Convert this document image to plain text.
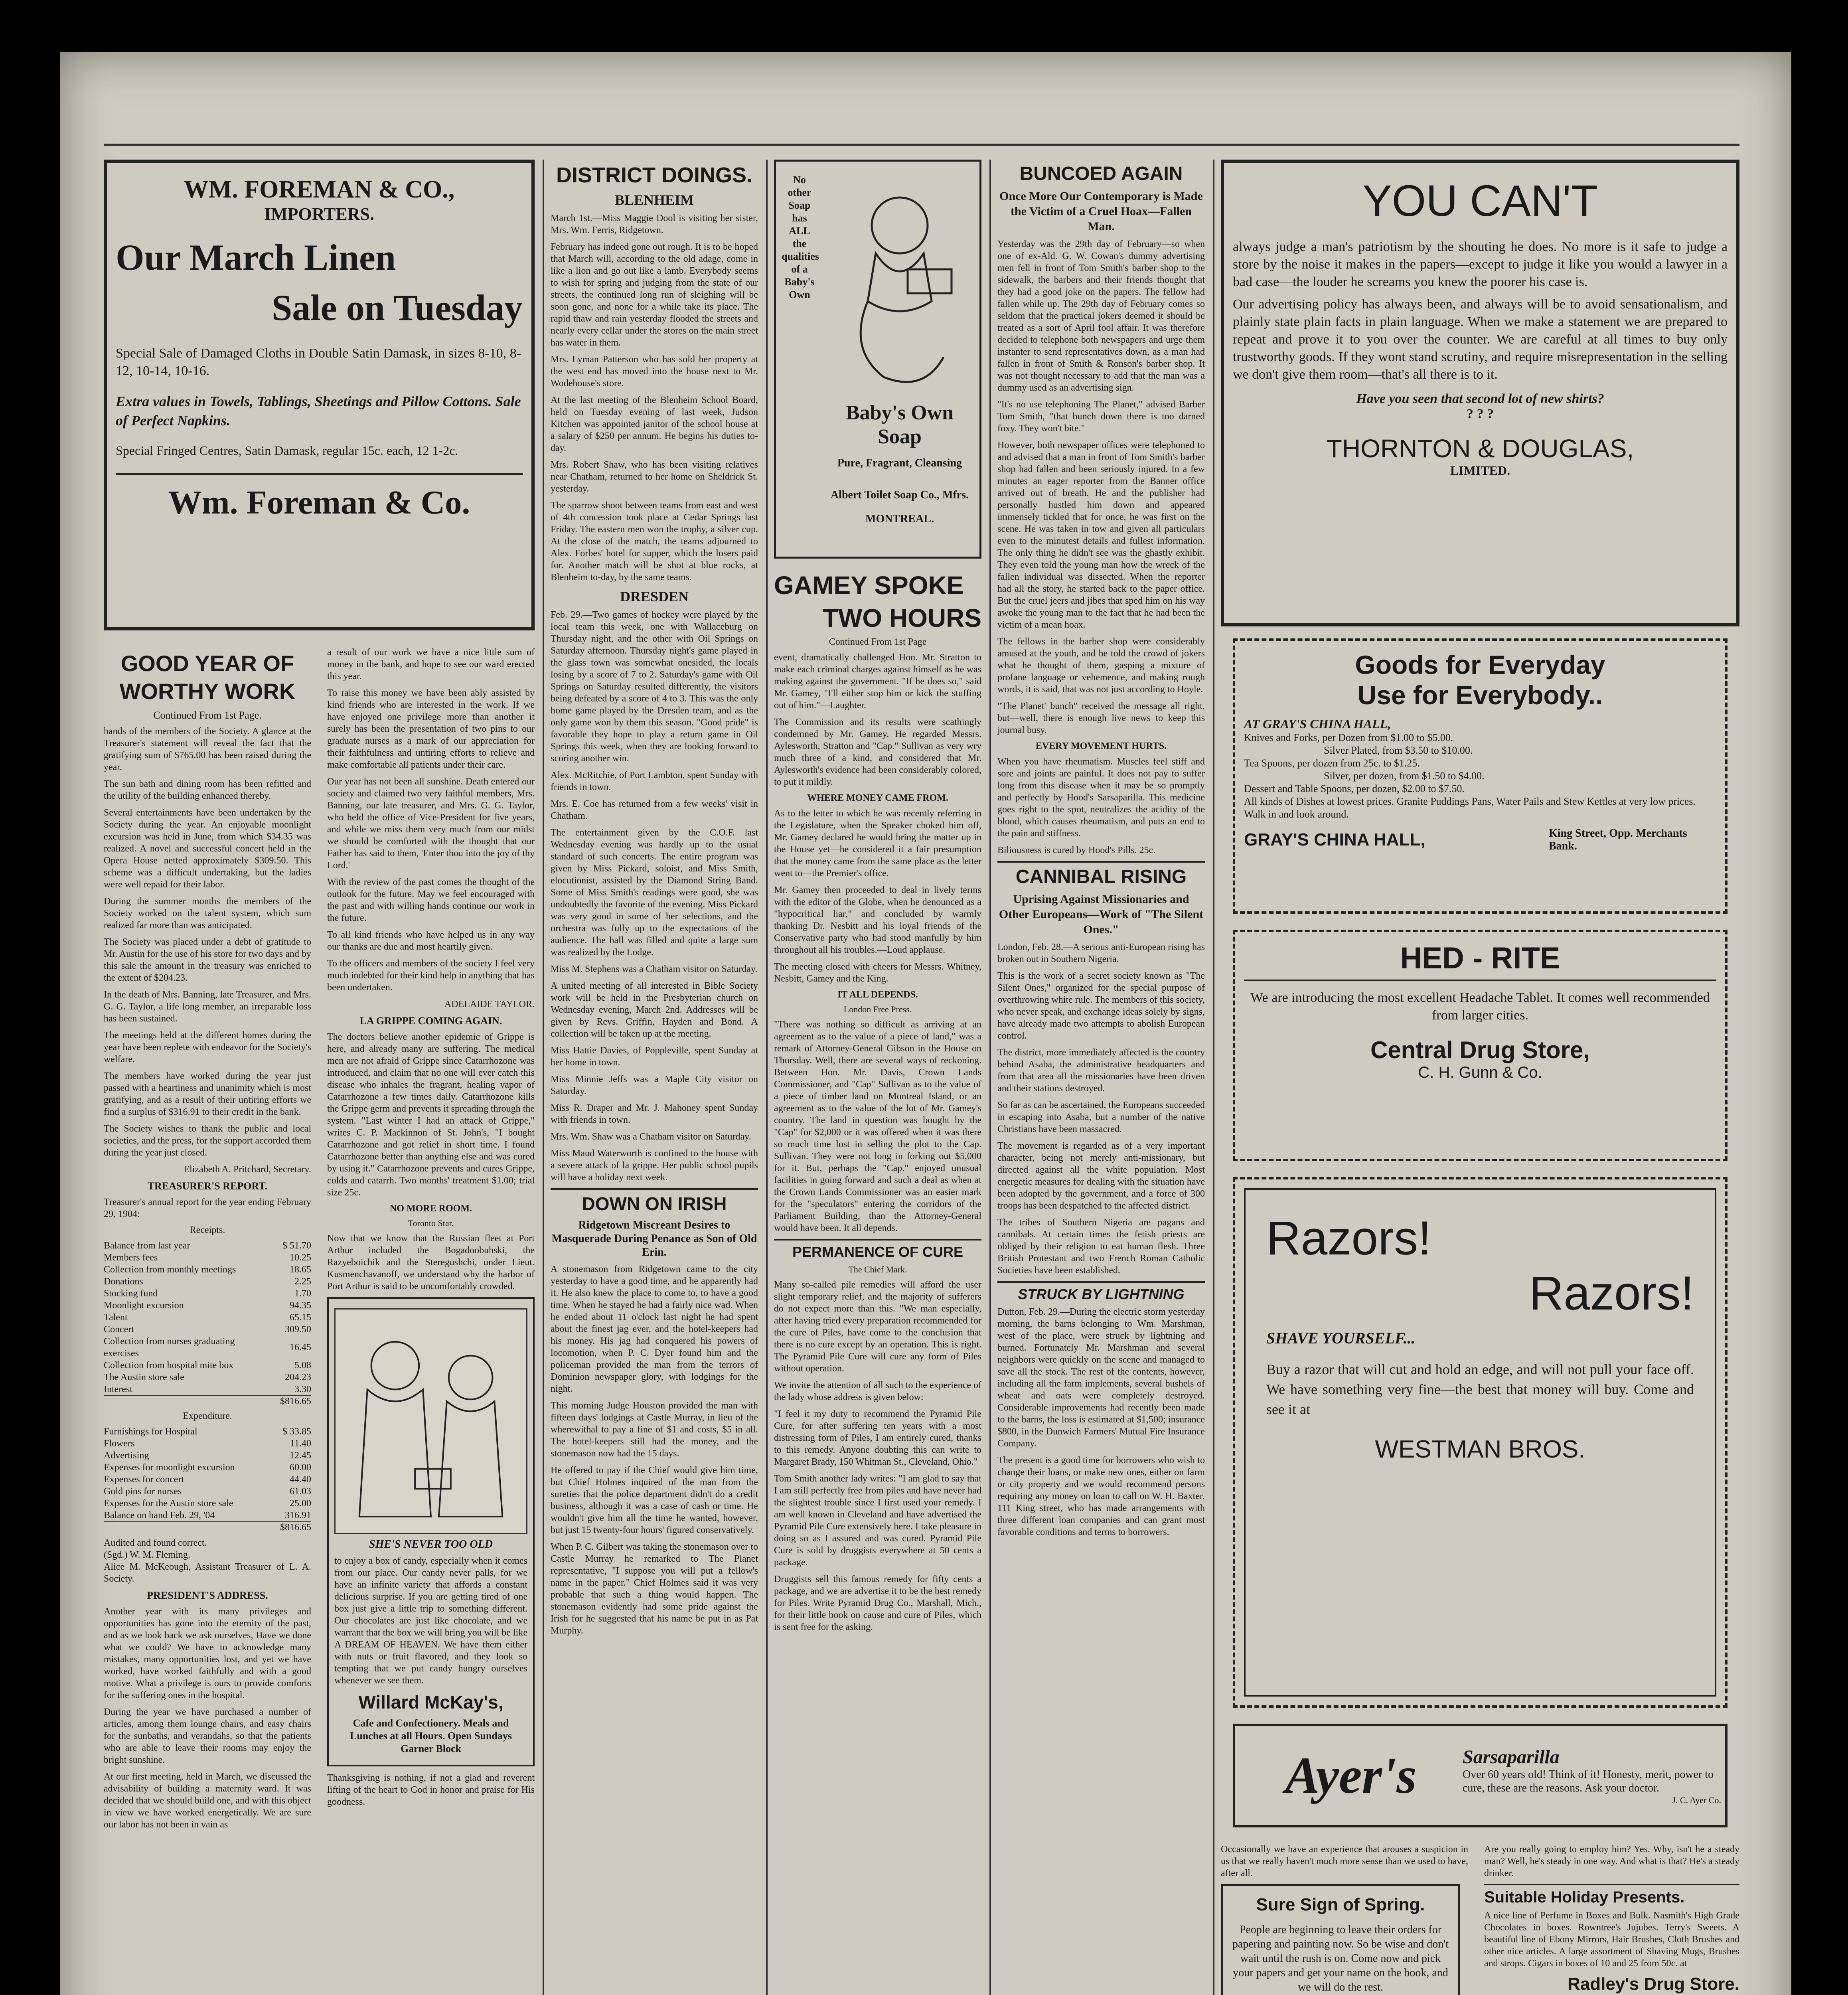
WM. FOREMAN & CO.,
IMPORTERS.
Our March Linen
Sale on Tuesday
Special Sale of Damaged Cloths in Double Satin Damask, in sizes 8-10, 8-12, 10-14, 10-16.
Extra values in Towels, Tablings, Sheetings and Pillow Cottons. Sale of Perfect Napkins.
Special Fringed Centres, Satin Damask, regular 15c. each, 12 1-2c.
Wm. Foreman & Co.
GOOD YEAR OF WORTHY WORK
Continued From 1st Page.

hands of the members of the Society. A glance at the Treasurer's statement will reveal the fact that the gratifying sum of $765.00 has been raised during the year.

The sun bath and dining room has been refitted and the utility of the building enhanced thereby.

Several entertainments have been undertaken by the Society during the year. An enjoyable moonlight excursion was held in June, from which $34.35 was realized. A novel and successful concert held in the Opera House netted approximately $309.50. This scheme was a difficult undertaking, but the ladies were well repaid for their labor.

During the summer months the members of the Society worked on the talent system, which sum realized far more than was anticipated.

The Society was placed under a debt of gratitude to Mr. Austin for the use of his store for two days and by this sale the amount in the treasury was enriched to the extent of $204.23.

In the death of Mrs. Banning, late Treasurer, and Mrs. G. G. Taylor, a life long member, an irreparable loss has been sustained.

The meetings held at the different homes during the year have been replete with endeavor for the Society's welfare.

The members have worked during the year just passed with a heartiness and unanimity which is most gratifying, and as a result of their untiring efforts we find a surplus of $316.91 to their credit in the bank.

The Society wishes to thank the public and local societies, and the press, for the support accorded them during the year just closed.

Elizabeth A. Pritchard, Secretary.

TREASURER'S REPORT.

Treasurer's annual report for the year ending February 29, 1904:

Receipts.
Balance from last year	$ 51.70
Members fees	10.25
Collection from monthly meetings	18.65
Donations	2.25
Stocking fund	1.70
Moonlight excursion	94.35
Talent	65.15
Concert	309.50
Collection from nurses graduating exercises	16.45
Collection from hospital mite box	5.08
The Austin store sale	204.23
Interest	3.30
$816.65
Expenditure.
Furnishings for Hospital	$ 33.85
Flowers	11.40
Advertising	12.45
Expenses for moonlight excursion	60.00
Expenses for concert	44.40
Gold pins for nurses	61.03
Expenses for the Austin store sale	25.00
Balance on hand Feb. 29, '04	316.91
$816.65

Audited and found correct.

(Sgd.) W. M. Fleming.

Alice M. McKeough, Assistant Treasurer of L. A. Society.

PRESIDENT'S ADDRESS.

Another year with its many privileges and opportunities has gone into the eternity of the past, and as we look back we ask ourselves, Have we done what we could? We have to acknowledge many mistakes, many opportunities lost, and yet we have worked, have worked faithfully and with a good motive. What a privilege is ours to provide comforts for the suffering ones in the hospital.

During the year we have purchased a number of articles, among them lounge chairs, and easy chairs for the sunbaths, and verandahs, so that the patients who are able to leave their rooms may enjoy the bright sunshine.

At our first meeting, held in March, we discussed the advisability of building a maternity ward. It was decided that we should build one, and with this object in view we have worked energetically. We are sure our labor has not been in vain as

a result of our work we have a nice little sum of money in the bank, and hope to see our ward erected this year.

To raise this money we have been ably assisted by kind friends who are interested in the work. If we have enjoyed one privilege more than another it surely has been the presentation of two pins to our graduate nurses as a mark of our appreciation for their faithfulness and untiring efforts to relieve and make comfortable all patients under their care.

Our year has not been all sunshine. Death entered our society and claimed two very faithful members, Mrs. Banning, our late treasurer, and Mrs. G. G. Taylor, who held the office of Vice-President for five years, and while we miss them very much from our midst we should be comforted with the thought that our Father has said to them, 'Enter thou into the joy of thy Lord.'

With the review of the past comes the thought of the outlook for the future. May we feel encouraged with the past and with willing hands continue our work in the future.

To all kind friends who have helped us in any way our thanks are due and most heartily given.

To the officers and members of the society I feel very much indebted for their kind help in anything that has been undertaken.

ADELAIDE TAYLOR.

LA GRIPPE COMING AGAIN.

The doctors believe another epidemic of Grippe is here, and already many are suffering. The medical men are not afraid of Grippe since Catarrhozone was introduced, and claim that no one will ever catch this disease who inhales the fragrant, healing vapor of Catarrhozone a few times daily. Catarrhozone kills the Grippe germ and prevents it spreading through the system. "Last winter I had an attack of Grippe," writes C. P. Mackinnon of St. John's, "I bought Catarrhozone and got relief in short time. I found Catarrhozone better than anything else and was cured by using it." Catarrhozone prevents and cures Grippe, colds and catarrh. Two months' treatment $1.00; trial size 25c.

NO MORE ROOM.
Toronto Star.

Now that we know that the Russian fleet at Port Arthur included the Bogadoobuhski, the Razyeboichik and the Steregushchi, under Lieut. Kusmenchavanoff, we understand why the harbor of Port Arthur is said to be uncomfortably crowded.

SHE'S NEVER TOO OLD

to enjoy a box of candy, especially when it comes from our place. Our candy never palls, for we have an infinite variety that affords a constant delicious surprise. If you are getting tired of one box just give a little trip to something different. Our chocolates are just like chocolate, and we warrant that the box we will bring you will be like A DREAM OF HEAVEN. We have them either with nuts or fruit flavored, and they look so tempting that we put candy hungry ourselves whenever we see them.

Willard McKay's,
Cafe and Confectionery. Meals and Lunches at all Hours. Open Sundays Garner Block

Thanksgiving is nothing, if not a glad and reverent lifting of the heart to God in honor and praise for His goodness.

DISTRICT DOINGS.
BLENHEIM

March 1st.—Miss Maggie Dool is visiting her sister, Mrs. Wm. Ferris, Ridgetown.

February has indeed gone out rough. It is to be hoped that March will, according to the old adage, come in like a lion and go out like a lamb. Everybody seems to wish for spring and judging from the state of our streets, the continued long run of sleighing will be soon gone, and none for a while take its place. The rapid thaw and rain yesterday flooded the streets and nearly every cellar under the stores on the main street has water in them.

Mrs. Lyman Patterson who has sold her property at the west end has moved into the house next to Mr. Wodehouse's store.

At the last meeting of the Blenheim School Board, held on Tuesday evening of last week, Judson Kitchen was appointed janitor of the school house at a salary of $250 per annum. He begins his duties to-day.

Mrs. Robert Shaw, who has been visiting relatives near Chatham, returned to her home on Sheldrick St. yesterday.

The sparrow shoot between teams from east and west of 4th concession took place at Cedar Springs last Friday. The eastern men won the trophy, a silver cup. At the close of the match, the teams adjourned to Alex. Forbes' hotel for supper, which the losers paid for. Another match will be shot at blue rocks, at Blenheim to-day, by the same teams.

DRESDEN

Feb. 29.—Two games of hockey were played by the local team this week, one with Wallaceburg on Thursday night, and the other with Oil Springs on Saturday afternoon. Thursday night's game played in the glass town was somewhat onesided, the locals losing by a score of 7 to 2. Saturday's game with Oil Springs on Saturday resulted differently, the visitors being defeated by a score of 4 to 3. This was the only home game played by the Dresden team, and as the only game won by them this season. "Good pride" is favorable they hope to play a return game in Oil Springs this week, when they are looking forward to scoring another win.

Alex. McRitchie, of Port Lambton, spent Sunday with friends in town.

Mrs. E. Coe has returned from a few weeks' visit in Chatham.

The entertainment given by the C.O.F. last Wednesday evening was hardly up to the usual standard of such concerts. The entire program was given by Miss Pickard, soloist, and Miss Smith, elocutionist, assisted by the Diamond String Band. Some of Miss Smith's readings were good, she was undoubtedly the favorite of the evening. Miss Pickard was very good in some of her selections, and the orchestra was fully up to the expectations of the audience. The hall was filled and quite a large sum was realized by the Lodge.

Miss M. Stephens was a Chatham visitor on Saturday.

A united meeting of all interested in Bible Society work will be held in the Presbyterian church on Wednesday evening, March 2nd. Addresses will be given by Revs. Griffin, Hayden and Bond. A collection will be taken up at the meeting.

Miss Hattie Davies, of Poppleville, spent Sunday at her home in town.

Miss Minnie Jeffs was a Maple City visitor on Saturday.

Miss R. Draper and Mr. J. Mahoney spent Sunday with friends in town.

Mrs. Wm. Shaw was a Chatham visitor on Saturday.

Miss Maud Waterworth is confined to the house with a severe attack of la grippe. Her public school pupils will have a holiday next week.

DOWN ON IRISH
Ridgetown Miscreant Desires to Masquerade During Penance as Son of Old Erin.

A stonemason from Ridgetown came to the city yesterday to have a good time, and he apparently had it. He also knew the place to come to, to have a good time. When he stayed he had a fairly nice wad. When he ended about 11 o'clock last night he had spent about the finest jag ever, and the hotel-keepers had his money. His jag had conquered his powers of locomotion, when P. C. Dyer found him and the policeman provided the man from the terrors of Dominion newspaper glory, with lodgings for the night.

This morning Judge Houston provided the man with fifteen days' lodgings at Castle Murray, in lieu of the wherewithal to pay a fine of $1 and costs, $5 in all. The hotel-keepers still had the money, and the stonemason now had the 15 days.

He offered to pay if the Chief would give him time, but Chief Holmes inquired of the man from the sureties that the police department didn't do a credit business, although it was a case of cash or time. He wouldn't give him all the time he wanted, however, but just 15 twenty-four hours' figured conservatively.

When P. C. Gilbert was taking the stonemason over to Castle Murray he remarked to The Planet representative, "I suppose you will put a fellow's name in the paper." Chief Holmes said it was very probable that such a thing would happen. The stonemason evidently had some pride against the Irish for he suggested that his name be put in as Pat Murphy.

No other Soap has ALL the qualities of a Baby's Own
Baby's Own Soap
Pure, Fragrant, Cleansing
Albert Toilet Soap Co., Mfrs.
MONTREAL.
GAMEY SPOKE
TWO HOURS
Continued From 1st Page

event, dramatically challenged Hon. Mr. Stratton to make each criminal charges against himself as he was making against the government. "If he does so," said Mr. Gamey, "I'll either stop him or kick the stuffing out of him."—Laughter.

The Commission and its results were scathingly condemned by Mr. Gamey. He regarded Messrs. Aylesworth, Stratton and "Cap." Sullivan as very wry much three of a kind, and considered that Mr. Aylesworth's evidence had been considerably colored, to put it mildly.

WHERE MONEY CAME FROM.

As to the letter to which he was recently referring in the Legislature, when the Speaker choked him off, Mr. Gamey declared he would bring the matter up in the House yet—he considered it a fair presumption that the money came from the same place as the letter went to—the Premier's office.

Mr. Gamey then proceeded to deal in lively terms with the editor of the Globe, when he denounced as a "hypocritical liar," and concluded by warmly thanking Dr. Nesbitt and his loyal friends of the Conservative party who had stood manfully by him throughout all his troubles.—Loud applause.

The meeting closed with cheers for Messrs. Whitney, Nesbitt, Gamey and the King.

IT ALL DEPENDS.
London Free Press.

"There was nothing so difficult as arriving at an agreement as to the value of a piece of land," was a remark of Attorney-General Gibson in the House on Thursday. Well, there are several ways of reckoning. Between Hon. Mr. Davis, Crown Lands Commissioner, and "Cap" Sullivan as to the value of a piece of timber land on Montreal Island, or an agreement as to the value of the lot of Mr. Gamey's country. The land in question was bought by the "Cap" for $2,000 or it was offered when it was there so much time lost in selling the plot to the Cap. Sullivan. They were not long in forking out $5,000 for it. But, perhaps the "Cap." enjoyed unusual facilities in going forward and such a deal as when at the Crown Lands Commissioner was an easier mark for the "speculators" entering the corridors of the Parliament Building, than the Attorney-General would have been. It all depends.

PERMANENCE OF CURE
The Chief Mark.

Many so-called pile remedies will afford the user slight temporary relief, and the majority of sufferers do not expect more than this. "We man especially, after having tried every preparation recommended for the cure of Piles, have come to the conclusion that there is no cure except by an operation. This is right. The Pyramid Pile Cure will cure any form of Piles without operation.

We invite the attention of all such to the experience of the lady whose address is given below:

"I feel it my duty to recommend the Pyramid Pile Cure, for after suffering ten years with a most distressing form of Piles, I am entirely cured, thanks to this remedy. Anyone doubting this can write to Margaret Brady, 150 Whitman St., Cleveland, Ohio."

Tom Smith another lady writes: "I am glad to say that I am still perfectly free from piles and have never had the slightest trouble since I first used your remedy. I am well known in Cleveland and have advertised the Pyramid Pile Cure extensively here. I take pleasure in doing so as I assured and was cured. Pyramid Pile Cure is sold by druggists everywhere at 50 cents a package.

Druggists sell this famous remedy for fifty cents a package, and we are advertise it to be the best remedy for Piles. Write Pyramid Drug Co., Marshall, Mich., for their little book on cause and cure of Piles, which is sent free for the asking.

BUNCOED AGAIN
Once More Our Contemporary is Made the Victim of a Cruel Hoax—Fallen Man.

Yesterday was the 29th day of February—so when one of ex-Ald. G. W. Cowan's dummy advertising men fell in front of Tom Smith's barber shop to the sidewalk, the barbers and their friends thought that they had a good joke on the papers. The fellow had fallen while up. The 29th day of February comes so seldom that the practical jokers deemed it should be treated as a sort of April fool affair. It was therefore decided to telephone both newspapers and urge them instanter to send representatives down, as a man had fallen in front of Smith & Ronson's barber shop. It was not thought necessary to add that the man was a dummy used as an advertising sign.

"It's no use telephoning The Planet," advised Barber Tom Smith, "that bunch down there is too darned foxy. They won't bite."

However, both newspaper offices were telephoned to and advised that a man in front of Tom Smith's barber shop had fallen and been seriously injured. In a few minutes an eager reporter from the Banner office arrived out of breath. He and the publisher had personally hustled him down and appeared immensely tickled that for once, he was first on the scene. He was taken in tow and given all particulars even to the minutest details and fullest information. The only thing he didn't see was the ghastly exhibit. They even told the young man how the wreck of the fallen individual was dissected. When the reporter had all the story, he started back to the paper office. But the cruel jeers and jibes that sped him on his way awoke the young man to the fact that he had been the victim of a mean hoax.

The fellows in the barber shop were considerably amused at the youth, and he told the crowd of jokers what he thought of them, gasping a mixture of profane language or vehemence, and making rough words, it is said, that was not just according to Hoyle.

"The Planet' bunch" received the message all right, but—well, there is enough live news to keep this journal busy.

EVERY MOVEMENT HURTS.

When you have rheumatism. Muscles feel stiff and sore and joints are painful. It does not pay to suffer long from this disease when it may be so promptly and perfectly by Hood's Sarsaparilla. This medicine goes right to the spot, neutralizes the acidity of the blood, which causes rheumatism, and puts an end to the pain and stiffness.

Biliousness is cured by Hood's Pills. 25c.

CANNIBAL RISING
Uprising Against Missionaries and Other Europeans—Work of "The Silent Ones."

London, Feb. 28.—A serious anti-European rising has broken out in Southern Nigeria.

This is the work of a secret society known as "The Silent Ones," organized for the special purpose of overthrowing white rule. The members of this society, who never speak, and exchange ideas solely by signs, have already made two attempts to abolish European control.

The district, more immediately affected is the country behind Asaba, the administrative headquarters and from that area all the missionaries have been driven and their stations destroyed.

So far as can be ascertained, the Europeans succeeded in escaping into Asaba, but a number of the native Christians have been massacred.

The movement is regarded as of a very important character, being not merely anti-missionary, but directed against all the white population. Most energetic measures for dealing with the situation have been adopted by the government, and a force of 300 troops has been despatched to the affected district.

The tribes of Southern Nigeria are pagans and cannibals. At certain times the fetish priests are obliged by their religion to eat human flesh. Three British Protestant and two French Roman Catholic Societies have been established.

STRUCK BY LIGHTNING

Dutton, Feb. 29.—During the electric storm yesterday morning, the barns belonging to Wm. Marshman, west of the place, were struck by lightning and burned. Fortunately Mr. Marshman and several neighbors were quickly on the scene and managed to save all the stock. The rest of the contents, however, including all the farm implements, several bushels of wheat and oats were completely destroyed. Considerable improvements had recently been made to the barns, the loss is estimated at $1,500; insurance $800, in the Dunwich Farmers' Mutual Fire Insurance Company.

The present is a good time for borrowers who wish to change their loans, or make new ones, either on farm or city property and we would recommend persons requiring any money on loan to call on W. H. Baxter, 111 King street, who has made arrangements with three different loan companies and can grant most favorable conditions and terms to borrowers.

YOU CAN'T

always judge a man's patriotism by the shouting he does. No more is it safe to judge a store by the noise it makes in the papers—except to judge it like you would a lawyer in a bad case—the louder he screams you knew the poorer his case is.

Our advertising policy has always been, and always will be to avoid sensationalism, and plainly state plain facts in plain language. When we make a statement we are prepared to repeat and prove it to you over the counter. We are careful at all times to buy only trustworthy goods. If they wont stand scrutiny, and require misrepresentation in the selling we don't give them room—that's all there is to it.

Have you seen that second lot of new shirts?
? ? ?
THORNTON & DOUGLAS,
LIMITED.
Goods for Everyday
Use for Everybody..
AT GRAY'S CHINA HALL,
Knives and Forks, per Dozen from $1.00 to $5.00.
Silver Plated, from $3.50 to $10.00.
Tea Spoons, per dozen from 25c. to $1.25.
Silver, per dozen, from $1.50 to $4.00.
Dessert and Table Spoons, per dozen, $2.00 to $7.50.
All kinds of Dishes at lowest prices. Granite Puddings Pans, Water Pails and Stew Kettles at very low prices. Walk in and look around.
GRAY'S CHINA HALL,	King Street, Opp. Merchants Bank.
HED - RITE

We are introducing the most excellent Headache Tablet. It comes well recommended from larger cities.

Central Drug Store,
C. H. Gunn & Co.
Razors!
Razors!
SHAVE YOURSELF...

Buy a razor that will cut and hold an edge, and will not pull your face off. We have something very fine—the best that money will buy. Come and see it at

WESTMAN BROS.
Ayer's	Sarsaparilla
Over 60 years old! Think of it! Honesty, merit, power to cure, these are the reasons. Ask your doctor.
J. C. Ayer Co.

Occasionally we have an experience that arouses a suspicion in us that we really haven't much more sense than we used to have, after all.

Sure Sign of Spring.

People are beginning to leave their orders for papering and painting now. So be wise and don't wait until the rush is on. Come now and pick your papers and get your name on the book, and we will do the rest.

Are you really going to employ him? Yes. Why, isn't he a steady man? Well, he's steady in one way. And what is that? He's a steady drinker.

Suitable Holiday Presents.

A nice line of Perfume in Boxes and Bulk. Nasmith's High Grade Chocolates in boxes. Rowntree's Jujubes. Terry's Sweets. A beautiful line of Ebony Mirrors, Hair Brushes, Cloth Brushes and other nice articles. A large assortment of Shaving Mugs, Brushes and strops. Cigars in boxes of 10 and 25 from 50c. at

Radley's Drug Store.
